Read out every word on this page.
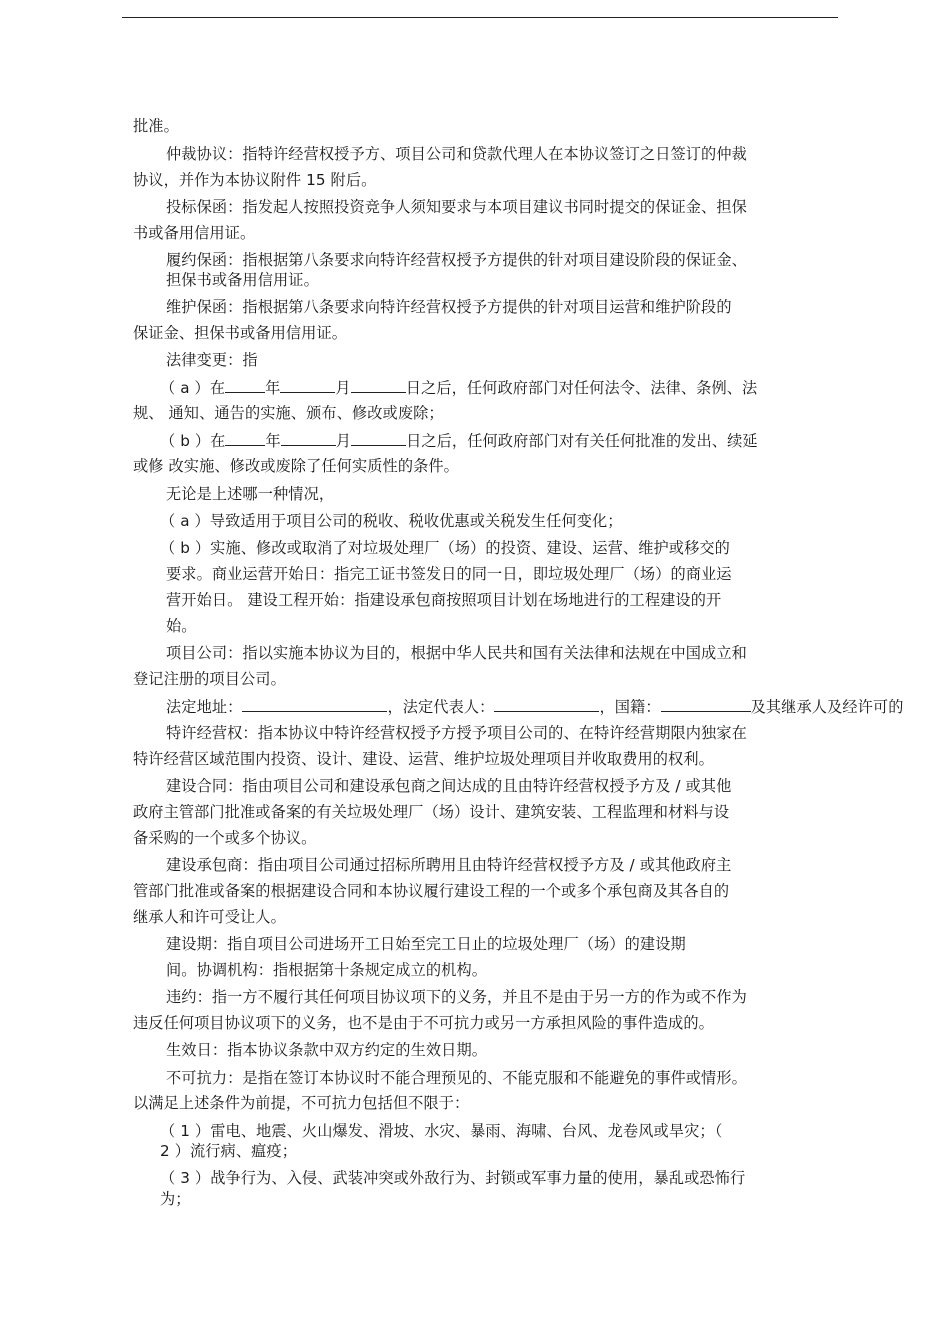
批准。
仲裁协议：指特许经营权授予方、项目公司和贷款代理人在本协议签订之日签订的仲裁
协议，并作为本协议附件 15 附后。
投标保函：指发起人按照投资竞争人须知要求与本项目建议书同时提交的保证金、担保
书或备用信用证。
履约保函：指根据第八条要求向特许经营权授予方提供的针对项目建设阶段的保证金、
担保书或备用信用证。
维护保函：指根据第八条要求向特许经营权授予方提供的针对项目运营和维护阶段的
保证金、担保书或备用信用证。
法律变更：指
（ a ）在	年	月	日之后，任何政府部门对任何法令、法律、条例、法
规、 通知、通告的实施、颁布、修改或废除；
（ b ）在	年	月	日之后，任何政府部门对有关任何批准的发出、续延
或修 改实施、修改或废除了任何实质性的条件。
无论是上述哪一种情况，
（ a ）导致适用于项目公司的税收、税收优惠或关税发生任何变化；
（ b ）实施、修改或取消了对垃圾处理厂（场）的投资、建设、运营、维护或移交的
要求。商业运营开始日：指完工证书签发日的同一日，即垃圾处理厂（场）的商业运
营开始日。 建设工程开始：指建设承包商按照项目计划在场地进行的工程建设的开
始。
项目公司：指以实施本协议为目的，根据中华人民共和国有关法律和法规在中国成立和
登记注册的项目公司。
法定地址：	，法定代表人：	，国籍：	及其继承人及经许可的
特许经营权：指本协议中特许经营权授予方授予项目公司的、在特许经营期限内独家在
特许经营区域范围内投资、设计、建设、运营、维护垃圾处理项目并收取费用的权利。
建设合同：指由项目公司和建设承包商之间达成的且由特许经营权授予方及 / 或其他
政府主管部门批准或备案的有关垃圾处理厂（场）设计、建筑安装、工程监理和材料与设
备采购的一个或多个协议。
建设承包商：指由项目公司通过招标所聘用且由特许经营权授予方及 / 或其他政府主
管部门批准或备案的根据建设合同和本协议履行建设工程的一个或多个承包商及其各自的
继承人和许可受让人。
建设期：指自项目公司进场开工日始至完工日止的垃圾处理厂（场）的建设期
间。协调机构：指根据第十条规定成立的机构。
违约：指一方不履行其任何项目协议项下的义务，并且不是由于另一方的作为或不作为
违反任何项目协议项下的义务，也不是由于不可抗力或另一方承担风险的事件造成的。
生效日：指本协议条款中双方约定的生效日期。
不可抗力：是指在签订本协议时不能合理预见的、不能克服和不能避免的事件或情形。
以满足上述条件为前提，不可抗力包括但不限于：
（ 1 ）雷电、地震、火山爆发、滑坡、水灾、暴雨、海啸、台风、龙卷风或旱灾；（
2 ）流行病、瘟疫；
（ 3 ）战争行为、入侵、武装冲突或外敌行为、封锁或军事力量的使用，暴乱或恐怖行
为；
